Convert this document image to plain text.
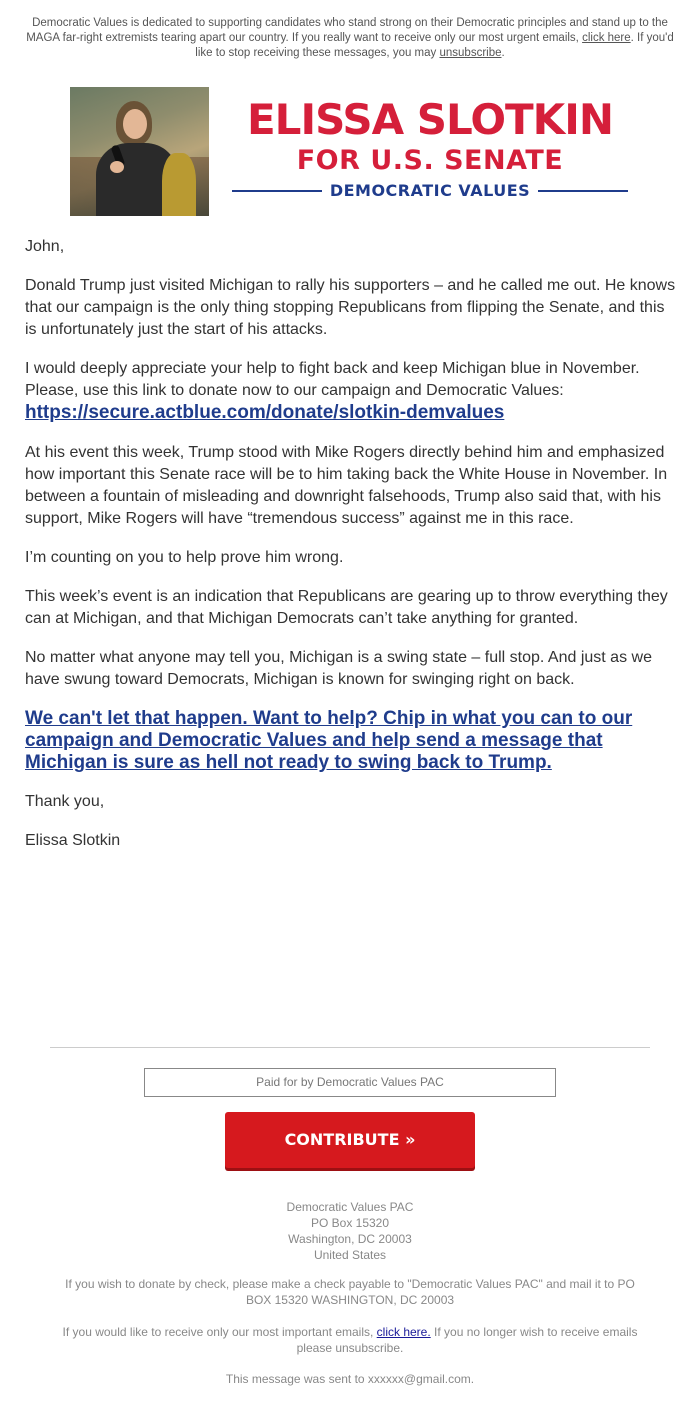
Democratic Values is dedicated to supporting candidates who stand strong on their Democratic principles and stand up to the MAGA far-right extremists tearing apart our country. If you really want to receive only our most urgent emails, click here. If you'd like to stop receiving these messages, you may unsubscribe.
ELISSA SLOTKIN
FOR U.S. SENATE
DEMOCRATIC VALUES

John,

Donald Trump just visited Michigan to rally his supporters – and he called me out. He knows that our campaign is the only thing stopping Republicans from flipping the Senate, and this is unfortunately just the start of his attacks.

I would deeply appreciate your help to fight back and keep Michigan blue in November. Please, use this link to donate now to our campaign and Democratic Values: https://secure.actblue.com/donate/slotkin-demvalues

At his event this week, Trump stood with Mike Rogers directly behind him and emphasized how important this Senate race will be to him taking back the White House in November. In between a fountain of misleading and downright falsehoods, Trump also said that, with his support, Mike Rogers will have “tremendous success” against me in this race.

I’m counting on you to help prove him wrong.

This week’s event is an indication that Republicans are gearing up to throw everything they can at Michigan, and that Michigan Democrats can’t take anything for granted.

No matter what anyone may tell you, Michigan is a swing state – full stop. And just as we have swung toward Democrats, Michigan is known for swinging right on back.

We can't let that happen. Want to help? Chip in what you can to our campaign and Democratic Values and help send a message that Michigan is sure as hell not ready to swing back to Trump.

Thank you,

Elissa Slotkin

Paid for by Democratic Values PAC
CONTRIBUTE »
Democratic Values PAC
PO Box 15320
Washington, DC 20003
United States
If you wish to donate by check, please make a check payable to "Democratic Values PAC" and mail it to PO BOX 15320 WASHINGTON, DC 20003
If you would like to receive only our most important emails, click here. If you no longer wish to receive emails please unsubscribe.
This message was sent to xxxxxx@gmail.com.
